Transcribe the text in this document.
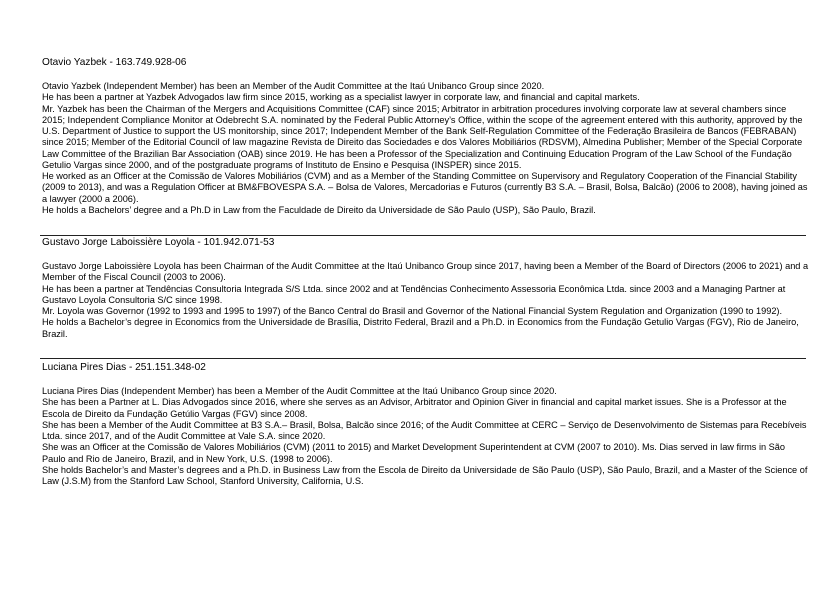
Otavio Yazbek - 163.749.928-06

Otavio Yazbek (Independent Member) has been an Member of the Audit Committee at the Itaú Unibanco Group since 2020.

He has been a partner at Yazbek Advogados law firm since 2015, working as a specialist lawyer in corporate law, and financial and capital markets.

Mr. Yazbek has been the Chairman of the Mergers and Acquisitions Committee (CAF) since 2015; Arbitrator in arbitration procedures involving corporate law at several chambers since 2015; Independent Compliance Monitor at Odebrecht S.A. nominated by the Federal Public Attorney’s Office, within the scope of the agreement entered with this authority, approved by the U.S. Department of Justice to support the US monitorship, since 2017; Independent Member of the Bank Self-Regulation Committee of the Federação Brasileira de Bancos (FEBRABAN) since 2015; Member of the Editorial Council of law magazine Revista de Direito das Sociedades e dos Valores Mobiliários (RDSVM), Almedina Publisher; Member of the Special Corporate Law Committee of the Brazilian Bar Association (OAB) since 2019. He has been a Professor of the Specialization and Continuing Education Program of the Law School of the Fundação Getulio Vargas since 2000, and of the postgraduate programs of Instituto de Ensino e Pesquisa (INSPER) since 2015.

He worked as an Officer at the Comissão de Valores Mobiliários (CVM) and as a Member of the Standing Committee on Supervisory and Regulatory Cooperation of the Financial Stability (2009 to 2013), and was a Regulation Officer at BM&FBOVESPA S.A. – Bolsa de Valores, Mercadorias e Futuros (currently B3 S.A. – Brasil, Bolsa, Balcão) (2006 to 2008), having joined as a lawyer (2000 a 2006).

He holds a Bachelors’ degree and a Ph.D in Law from the Faculdade de Direito da Universidade de São Paulo (USP), São Paulo, Brazil.

Gustavo Jorge Laboissière Loyola - 101.942.071-53

Gustavo Jorge Laboissière Loyola has been Chairman of the Audit Committee at the Itaú Unibanco Group since 2017, having been a Member of the Board of Directors (2006 to 2021) and a Member of the Fiscal Council (2003 to 2006).

He has been a partner at Tendências Consultoria Integrada S/S Ltda. since 2002 and at Tendências Conhecimento Assessoria Econômica Ltda. since 2003 and a Managing Partner at Gustavo Loyola Consultoria S/C since 1998.

Mr. Loyola was Governor (1992 to 1993 and 1995 to 1997) of the Banco Central do Brasil and Governor of the National Financial System Regulation and Organization (1990 to 1992).

He holds a Bachelor’s degree in Economics from the Universidade de Brasília, Distrito Federal, Brazil and a Ph.D. in Economics from the Fundação Getulio Vargas (FGV), Rio de Janeiro, Brazil.

Luciana Pires Dias - 251.151.348-02

Luciana Pires Dias (Independent Member) has been a Member of the Audit Committee at the Itaú Unibanco Group since 2020.

She has been a Partner at L. Dias Advogados since 2016, where she serves as an Advisor, Arbitrator and Opinion Giver in financial and capital market issues. She is a Professor at the Escola de Direito da Fundação Getúlio Vargas (FGV) since 2008.

She has been a Member of the Audit Committee at B3 S.A.– Brasil, Bolsa, Balcão since 2016; of the Audit Committee at CERC – Serviço de Desenvolvimento de Sistemas para Recebíveis Ltda. since 2017, and of the Audit Committee at Vale S.A. since 2020.

She was an Officer at the Comissão de Valores Mobiliários (CVM) (2011 to 2015) and Market Development Superintendent at CVM (2007 to 2010). Ms. Dias served in law firms in São Paulo and Rio de Janeiro, Brazil, and in New York, U.S. (1998 to 2006).

She holds Bachelor’s and Master’s degrees and a Ph.D. in Business Law from the Escola de Direito da Universidade de São Paulo (USP), São Paulo, Brazil, and a Master of the Science of Law (J.S.M) from the Stanford Law School, Stanford University, California, U.S.
